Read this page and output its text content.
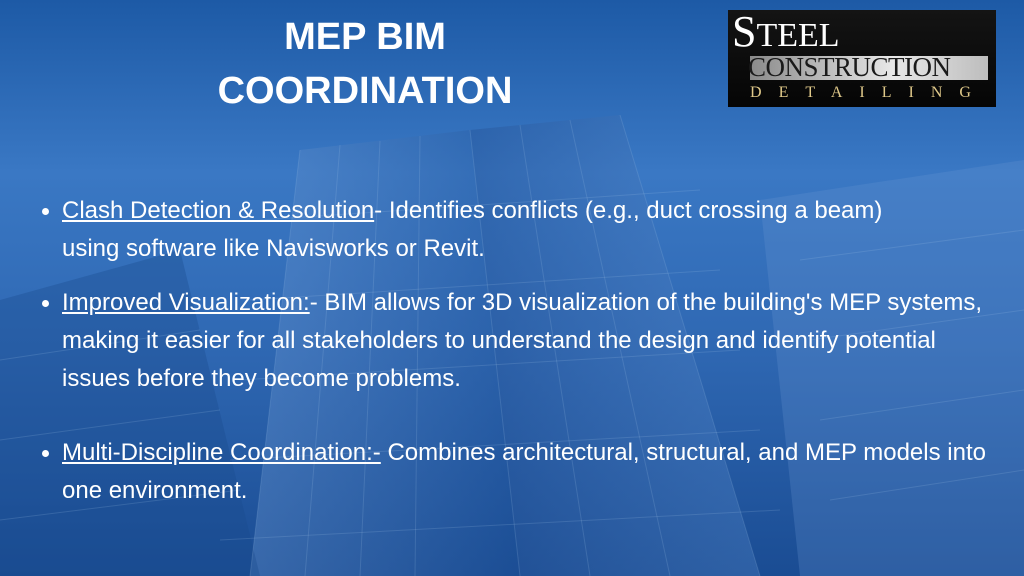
MEP BIM
COORDINATION
STEEL
CONSTRUCTION
DETAILING
Clash Detection & Resolution- Identifies conflicts (e.g., duct crossing a beam) using software like Navisworks or Revit.
Improved Visualization:- BIM allows for 3D visualization of the building's MEP systems, making it easier for all stakeholders to understand the design and identify potential issues before they become problems.
Multi-Discipline Coordination:- Combines architectural, structural, and MEP models into one environment.
